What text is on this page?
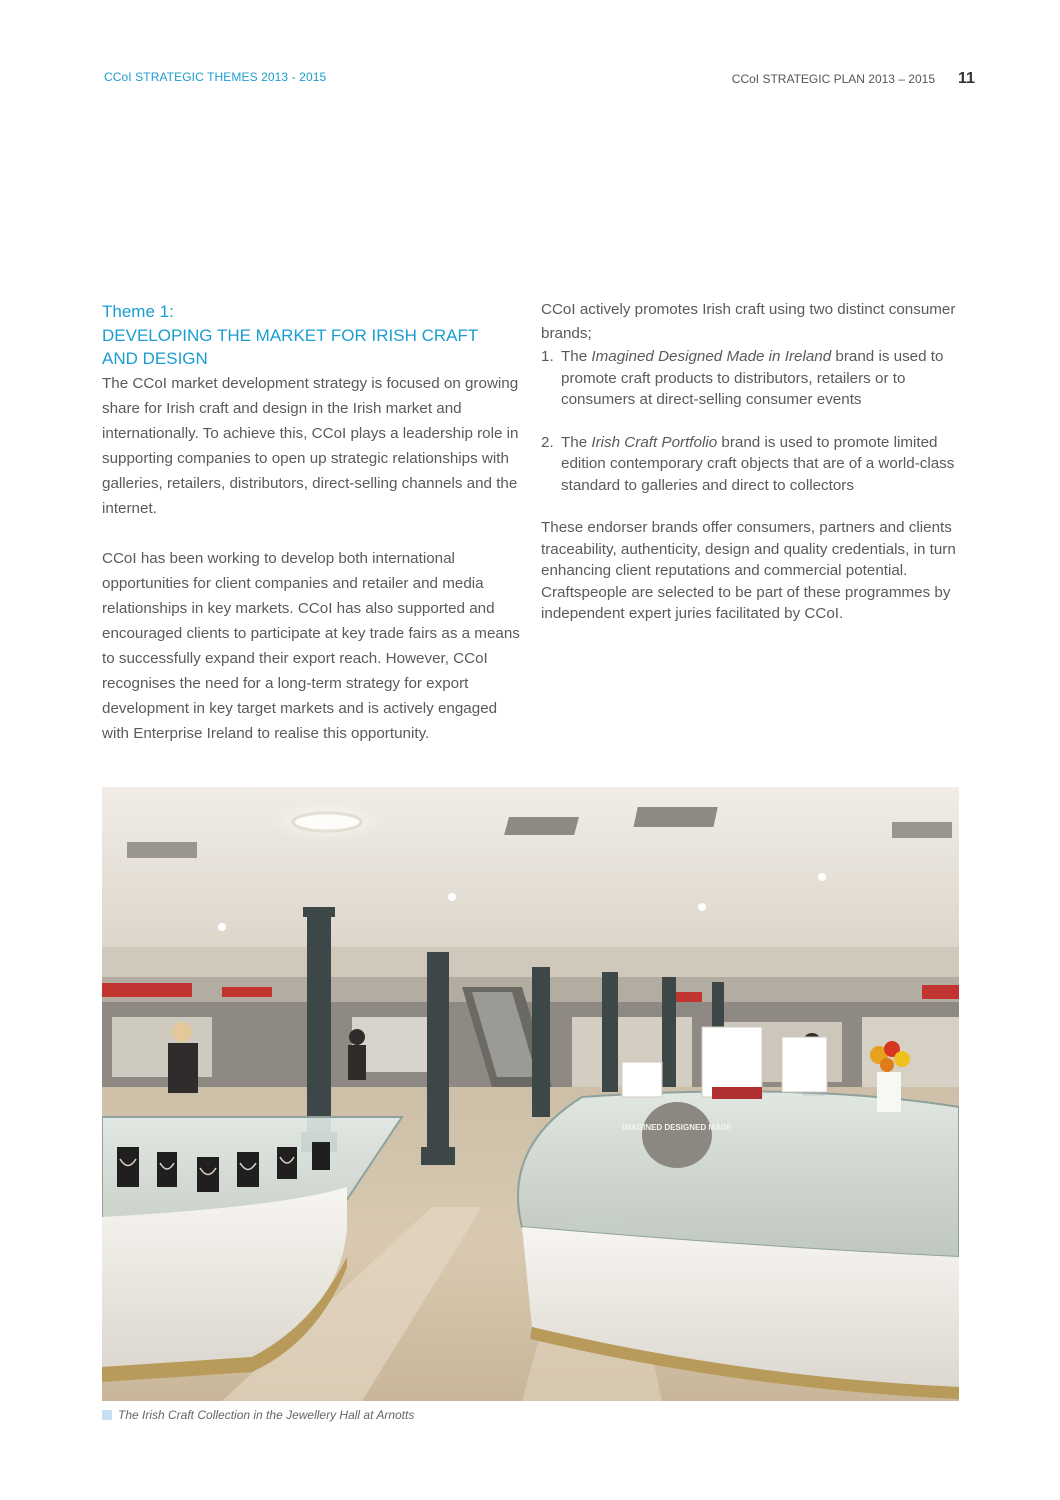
CCoI STRATEGIC THEMES 2013 - 2015	CCoI STRATEGIC PLAN 2013 – 2015 11
Theme 1:
DEVELOPING THE MARKET FOR IRISH CRAFT
AND DESIGN

The CCoI market development strategy is focused on growing share for Irish craft and design in the Irish market and internationally. To achieve this, CCoI plays a leadership role in supporting companies to open up strategic relationships with galleries, retailers, distributors, direct-selling channels and the internet.

CCoI has been working to develop both international opportunities for client companies and retailer and media relationships in key markets. CCoI has also supported and encouraged clients to participate at key trade fairs as a means to successfully expand their export reach. However, CCoI recognises the need for a long-term strategy for export development in key target markets and is actively engaged with Enterprise Ireland to realise this opportunity.

CCoI actively promotes Irish craft using two distinct consumer brands;

1. The Imagined Designed Made in Ireland brand is used to promote craft products to distributors, retailers or to consumers at direct-selling consumer events
2. The Irish Craft Portfolio brand is used to promote limited edition contemporary craft objects that are of a world-class standard to galleries and direct to collectors

These endorser brands offer consumers, partners and clients traceability, authenticity, design and quality credentials, in turn enhancing client reputations and commercial potential. Craftspeople are selected to be part of these programmes by independent expert juries facilitated by CCoI.

IMAGINED DESIGNED MADE
The Irish Craft Collection in the Jewellery Hall at Arnotts
